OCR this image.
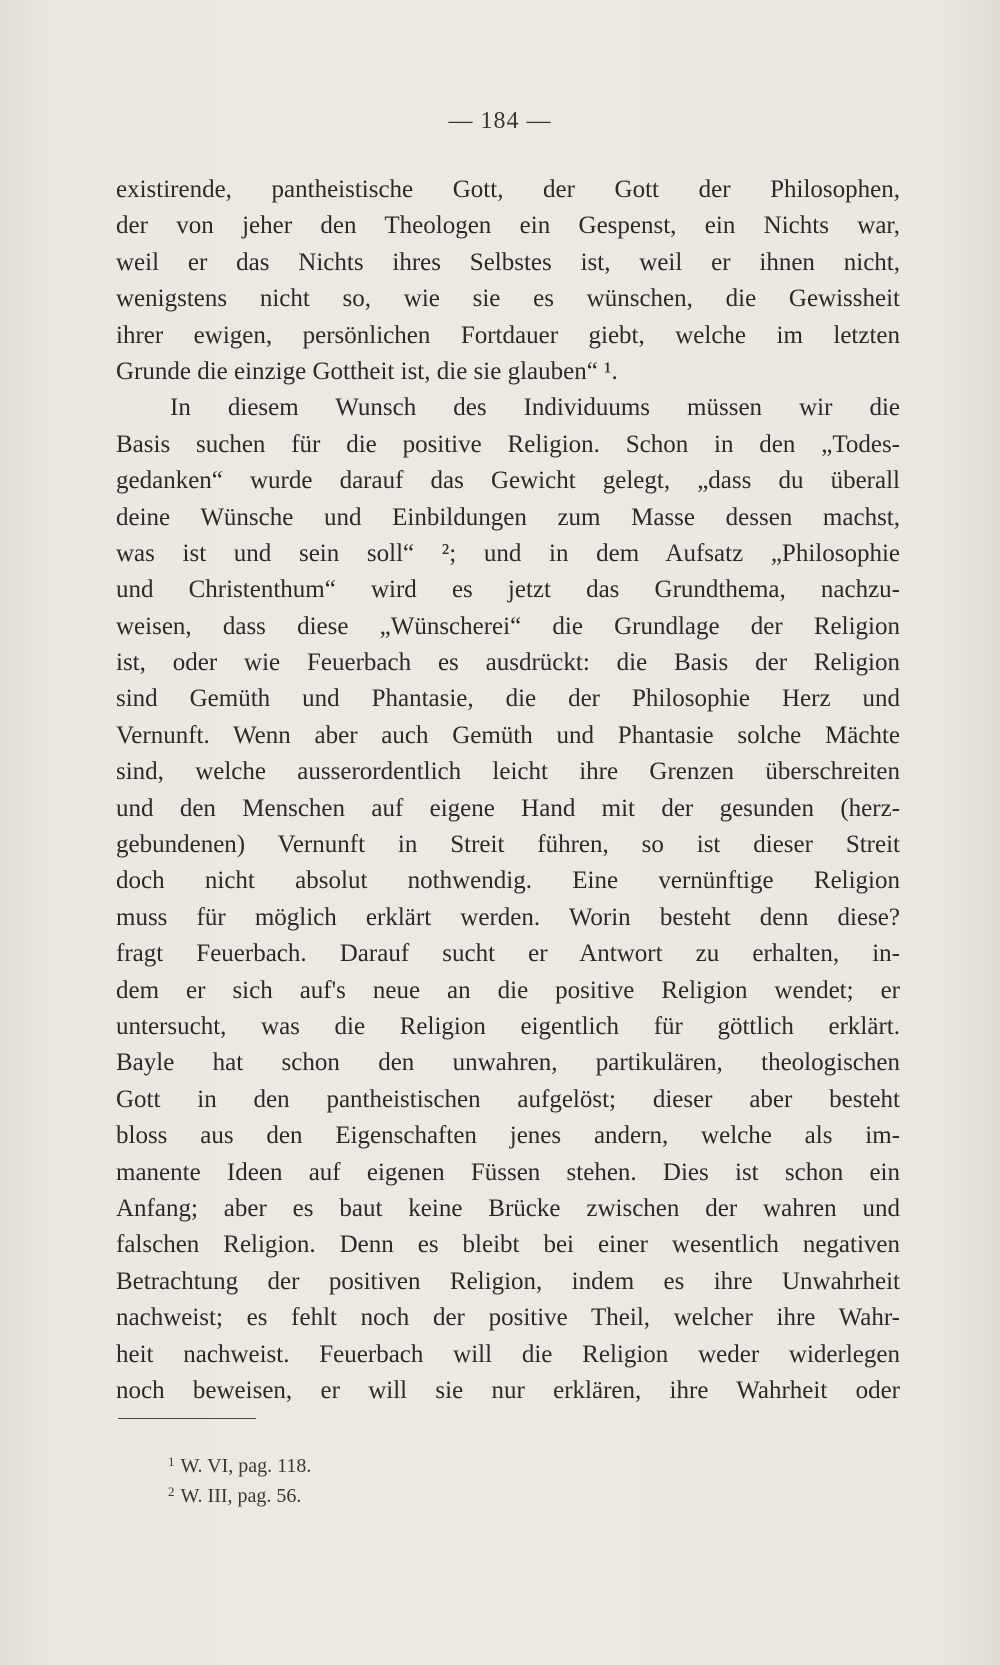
— 184 —
existirende, pantheistische Gott, der Gott der Philosophen,
der von jeher den Theologen ein Gespenst, ein Nichts war,
weil er das Nichts ihres Selbstes ist, weil er ihnen nicht,
wenigstens nicht so, wie sie es wünschen, die Gewissheit
ihrer ewigen, persönlichen Fortdauer giebt, welche im letzten
Grunde die einzige Gottheit ist, die sie glauben“ ¹.
In diesem Wunsch des Individuums müssen wir die
Basis suchen für die positive Religion. Schon in den „Todes-
gedanken“ wurde darauf das Gewicht gelegt, „dass du überall
deine Wünsche und Einbildungen zum Masse dessen machst,
was ist und sein soll“ ²; und in dem Aufsatz „Philosophie
und Christenthum“ wird es jetzt das Grundthema, nachzu-
weisen, dass diese „Wünscherei“ die Grundlage der Religion
ist, oder wie Feuerbach es ausdrückt: die Basis der Religion
sind Gemüth und Phantasie, die der Philosophie Herz und
Vernunft. Wenn aber auch Gemüth und Phantasie solche Mächte
sind, welche ausserordentlich leicht ihre Grenzen überschreiten
und den Menschen auf eigene Hand mit der gesunden (herz-
gebundenen) Vernunft in Streit führen, so ist dieser Streit
doch nicht absolut nothwendig. Eine vernünftige Religion
muss für möglich erklärt werden. Worin besteht denn diese?
fragt Feuerbach. Darauf sucht er Antwort zu erhalten, in-
dem er sich auf's neue an die positive Religion wendet; er
untersucht, was die Religion eigentlich für göttlich erklärt.
Bayle hat schon den unwahren, partikulären, theologischen
Gott in den pantheistischen aufgelöst; dieser aber besteht
bloss aus den Eigenschaften jenes andern, welche als im-
manente Ideen auf eigenen Füssen stehen. Dies ist schon ein
Anfang; aber es baut keine Brücke zwischen der wahren und
falschen Religion. Denn es bleibt bei einer wesentlich negativen
Betrachtung der positiven Religion, indem es ihre Unwahrheit
nachweist; es fehlt noch der positive Theil, welcher ihre Wahr-
heit nachweist. Feuerbach will die Religion weder widerlegen
noch beweisen, er will sie nur erklären, ihre Wahrheit oder
$^1$ W. VI, pag. 118.
$^2$ W. III, pag. 56.
